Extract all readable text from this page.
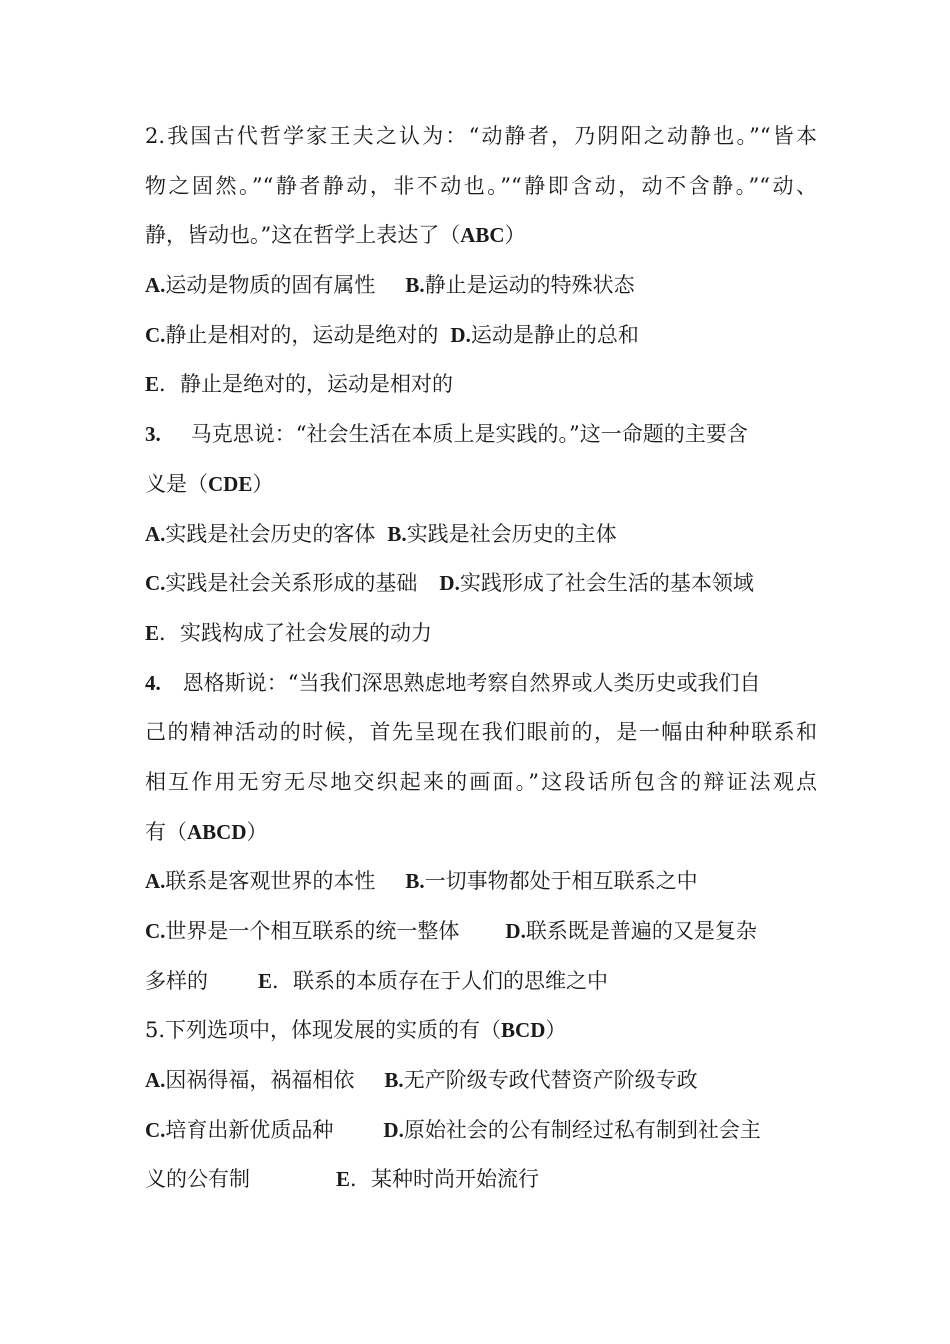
2.我国古代哲学家王夫之认为：“动静者，乃阴阳之动静也。”“皆本
物之固然。”“静者静动，非不动也。”“静即含动，动不含静。”“动、
静，皆动也。”这在哲学上表达了（ABC）
A.运动是物质的固有属性 B.静止是运动的特殊状态
C.静止是相对的，运动是绝对的 D.运动是静止的总和
E．静止是绝对的，运动是相对的
3. 马克思说：“社会生活在本质上是实践的。”这一命题的主要含
义是（CDE）
A.实践是社会历史的客体 B.实践是社会历史的主体
C.实践是社会关系形成的基础 D.实践形成了社会生活的基本领域
E．实践构成了社会发展的动力
4. 恩格斯说：“当我们深思熟虑地考察自然界或人类历史或我们自
己的精神活动的时候，首先呈现在我们眼前的，是一幅由种种联系和
相互作用无穷无尽地交织起来的画面。”这段话所包含的辩证法观点
有（ABCD）
A.联系是客观世界的本性 B.一切事物都处于相互联系之中
C.世界是一个相互联系的统一整体 D.联系既是普遍的又是复杂
多样的 E．联系的本质存在于人们的思维之中
5.下列选项中，体现发展的实质的有（BCD）
A.因祸得福，祸福相依 B.无产阶级专政代替资产阶级专政
C.培育出新优质品种 D.原始社会的公有制经过私有制到社会主
义的公有制	E．某种时尚开始流行
